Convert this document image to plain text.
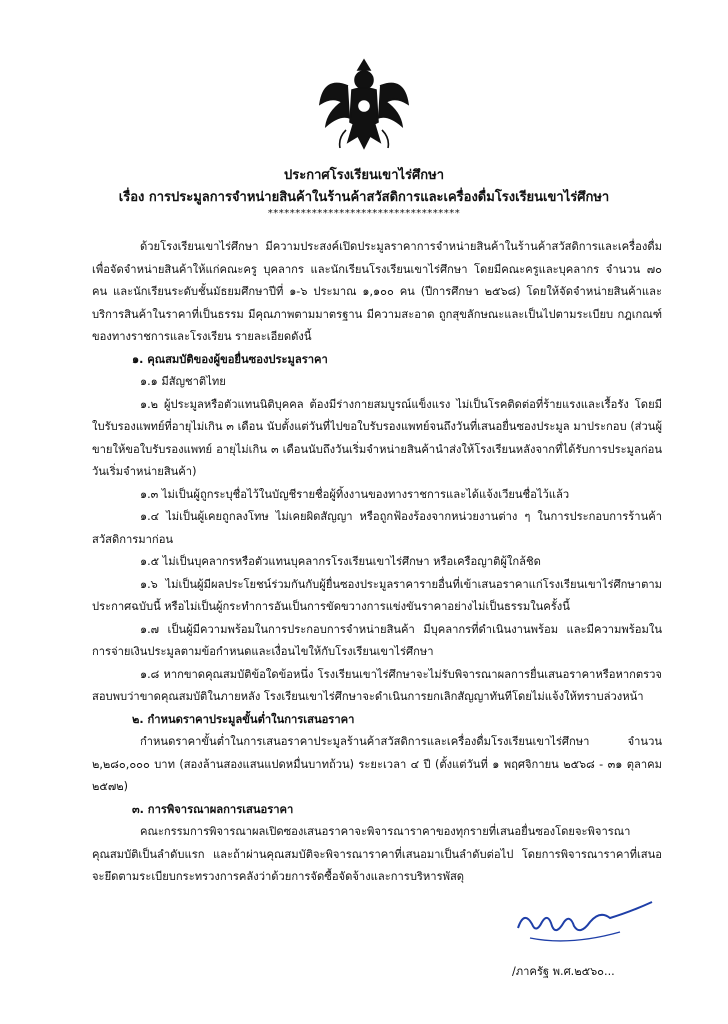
ประกาศโรงเรียนเขาไร่ศึกษา
เรื่อง การประมูลการจำหน่ายสินค้าในร้านค้าสวัสดิการและเครื่องดื่มโรงเรียนเขาไร่ศึกษา
***********************************

ด้วยโรงเรียนเขาไร่ศึกษา มีความประสงค์เปิดประมูลราคาการจำหน่ายสินค้าในร้านค้าสวัสดิการและเครื่องดื่ม เพื่อจัดจำหน่ายสินค้าให้แก่คณะครู บุคลากร และนักเรียนโรงเรียนเขาไร่ศึกษา โดยมีคณะครูและบุคลากร จำนวน ๗๐ คน และนักเรียนระดับชั้นมัธยมศึกษาปีที่ ๑-๖ ประมาณ ๑,๑๐๐ คน (ปีการศึกษา ๒๕๖๘) โดยให้จัดจำหน่ายสินค้าและบริการสินค้าในราคาที่เป็นธรรม มีคุณภาพตามมาตรฐาน มีความสะอาด ถูกสุขลักษณะและเป็นไปตามระเบียบ กฎเกณฑ์ของทางราชการและโรงเรียน รายละเอียดดังนี้

๑. คุณสมบัติของผู้ขอยื่นซองประมูลราคา

๑.๑ มีสัญชาติไทย

๑.๒ ผู้ประมูลหรือตัวแทนนิติบุคคล ต้องมีร่างกายสมบูรณ์แข็งแรง ไม่เป็นโรคติดต่อที่ร้ายแรงและเรื้อรัง โดยมีใบรับรองแพทย์ที่อายุไม่เกิน ๓ เดือน นับตั้งแต่วันที่ไปขอใบรับรองแพทย์จนถึงวันที่เสนอยื่นซองประมูล มาประกอบ (ส่วนผู้ขายให้ขอใบรับรองแพทย์ อายุไม่เกิน ๓ เดือนนับถึงวันเริ่มจำหน่ายสินค้านำส่งให้โรงเรียนหลังจากที่ได้รับการประมูลก่อนวันเริ่มจำหน่ายสินค้า)

๑.๓ ไม่เป็นผู้ถูกระบุชื่อไว้ในบัญชีรายชื่อผู้ทิ้งงานของทางราชการและได้แจ้งเวียนชื่อไว้แล้ว

๑.๔ ไม่เป็นผู้เคยถูกลงโทษ ไม่เคยผิดสัญญา หรือถูกฟ้องร้องจากหน่วยงานต่าง ๆ ในการประกอบการร้านค้าสวัสดิการมาก่อน

๑.๕ ไม่เป็นบุคลากรหรือตัวแทนบุคลากรโรงเรียนเขาไร่ศึกษา หรือเครือญาติผู้ใกล้ชิด

๑.๖ ไม่เป็นผู้มีผลประโยชน์ร่วมกันกับผู้ยื่นซองประมูลราคารายอื่นที่เข้าเสนอราคาแก่โรงเรียนเขาไร่ศึกษาตามประกาศฉบับนี้ หรือไม่เป็นผู้กระทำการอันเป็นการขัดขวางการแข่งขันราคาอย่างไม่เป็นธรรมในครั้งนี้

๑.๗ เป็นผู้มีความพร้อมในการประกอบการจำหน่ายสินค้า มีบุคลากรที่ดำเนินงานพร้อม และมีความพร้อมในการจ่ายเงินประมูลตามข้อกำหนดและเงื่อนไขให้กับโรงเรียนเขาไร่ศึกษา

๑.๘ หากขาดคุณสมบัติข้อใดข้อหนึ่ง โรงเรียนเขาไร่ศึกษาจะไม่รับพิจารณาผลการยื่นเสนอราคาหรือหากตรวจสอบพบว่าขาดคุณสมบัติในภายหลัง โรงเรียนเขาไร่ศึกษาจะดำเนินการยกเลิกสัญญาทันทีโดยไม่แจ้งให้ทราบล่วงหน้า

๒. กำหนดราคาประมูลขั้นต่ำในการเสนอราคา

กำหนดราคาขั้นต่ำในการเสนอราคาประมูลร้านค้าสวัสดิการและเครื่องดื่มโรงเรียนเขาไร่ศึกษา จำนวน ๒,๒๘๐,๐๐๐ บาท (สองล้านสองแสนแปดหมื่นบาทถ้วน) ระยะเวลา ๔ ปี (ตั้งแต่วันที่ ๑ พฤศจิกายน ๒๕๖๘ - ๓๑ ตุลาคม ๒๕๗๒)

๓. การพิจารณาผลการเสนอราคา

คณะกรรมการพิจารณาผลเปิดซองเสนอราคาจะพิจารณาราคาของทุกรายที่เสนอยื่นซองโดยจะพิจารณาคุณสมบัติเป็นลำดับแรก และถ้าผ่านคุณสมบัติจะพิจารณาราคาที่เสนอมาเป็นลำดับต่อไป โดยการพิจารณาราคาที่เสนอจะยึดตามระเบียบกระทรวงการคลังว่าด้วยการจัดซื้อจัดจ้างและการบริหารพัสดุ

/ภาครัฐ พ.ศ.๒๕๖๐...
